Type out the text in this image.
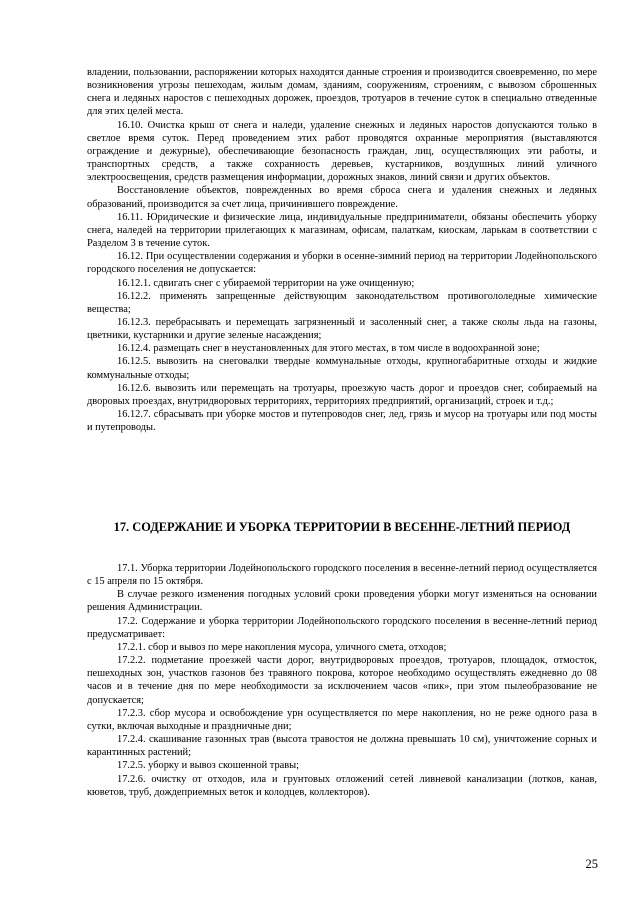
владении, пользовании, распоряжении которых находятся данные строения и производится своевременно, по мере возникновения угрозы пешеходам, жилым домам, зданиям, сооружениям, строениям, с вывозом сброшенных снега и ледяных наростов с пешеходных дорожек, проездов, тротуаров в течение суток в специально отведенные для этих целей места.

16.10. Очистка крыш от снега и наледи, удаление снежных и ледяных наростов допускаются только в светлое время суток. Перед проведением этих работ проводятся охранные мероприятия (выставляются ограждение и дежурные), обеспечивающие безопасность граждан, лиц, осуществляющих эти работы, и транспортных средств, а также сохранность деревьев, кустарников, воздушных линий уличного электроосвещения, средств размещения информации, дорожных знаков, линий связи и других объектов.

Восстановление объектов, поврежденных во время сброса снега и удаления снежных и ледяных образований, производится за счет лица, причинившего повреждение.

16.11. Юридические и физические лица, индивидуальные предприниматели, обязаны обеспечить уборку снега, наледей на территории прилегающих к магазинам, офисам, палаткам, киоскам, ларькам в соответствии с Разделом 3 в течение суток.

16.12. При осуществлении содержания и уборки в осенне-зимний период на территории Лодейнопольского городского поселения не допускается:

16.12.1. сдвигать снег с убираемой территории на уже очищенную;

16.12.2. применять запрещенные действующим законодательством противогололедные химические вещества;

16.12.3. перебрасывать и перемещать загрязненный и засоленный снег, а также сколы льда на газоны, цветники, кустарники и другие зеленые насаждения;

16.12.4. размещать снег в неустановленных для этого местах, в том числе в водоохранной зоне;

16.12.5. вывозить на снеговалки твердые коммунальные отходы, крупногабаритные отходы и жидкие коммунальные отходы;

16.12.6. вывозить или перемещать на тротуары, проезжую часть дорог и проездов снег, собираемый на дворовых проездах, внутридворовых территориях, территориях предприятий, организаций, строек и т.д.;

16.12.7. сбрасывать при уборке мостов и путепроводов снег, лед, грязь и мусор на тротуары или под мосты и путепроводы.

17. СОДЕРЖАНИЕ И УБОРКА ТЕРРИТОРИИ В ВЕСЕННЕ-ЛЕТНИЙ ПЕРИОД

17.1. Уборка территории Лодейнопольского городского поселения в весенне-летний период осуществляется с 15 апреля по 15 октября.

В случае резкого изменения погодных условий сроки проведения уборки могут изменяться на основании решения Администрации.

17.2. Содержание и уборка территории Лодейнопольского городского поселения в весенне-летний период предусматривает:

17.2.1. сбор и вывоз по мере накопления мусора, уличного смета, отходов;

17.2.2. подметание проезжей части дорог, внутридворовых проездов, тротуаров, площадок, отмосток, пешеходных зон, участков газонов без травяного покрова, которое необходимо осуществлять ежедневно до 08 часов и в течение дня по мере необходимости за исключением часов «пик», при этом пылеобразование не допускается;

17.2.3. сбор мусора и освобождение урн осуществляется по мере накопления, но не реже одного раза в сутки, включая выходные и праздничные дни;

17.2.4. скашивание газонных трав (высота травостоя не должна превышать 10 см), уничтожение сорных и карантинных растений;

17.2.5. уборку и вывоз скошенной травы;

17.2.6. очистку от отходов, ила и грунтовых отложений сетей ливневой канализации (лотков, канав, кюветов, труб, дождеприемных веток и колодцев, коллекторов).

25
